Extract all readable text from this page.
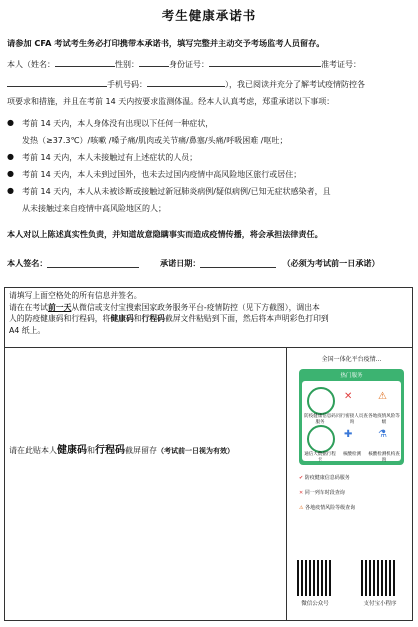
考生健康承诺书
请参加 CFA 考试考生务必打印携带本承诺书，填写完整并主动交予考场监考人员留存。
本人（姓名：	性别：	身份证号：	准考证号：
手机号码：	），我已阅读并充分了解考试疫情防控各
项要求和措施，并且在考前 14 天内按要求监测体温。经本人认真考虑，郑重承诺以下事项：
●	考前 14 天内，本人身体没有出现以下任何一种症状，
发热（≥37.3℃）/咳嗽 /嗓子痛/肌肉或关节痛/鼻塞/头痛/呼吸困难 /呕吐；
●	考前 14 天内，本人未接触过有上述症状的人员；
●	考前 14 天内，本人未到过国外，也未去过国内疫情中高风险地区旅行或居住；
●	考前 14 天内，本人从未被诊断或接触过新冠肺炎病例/疑似病例/已知无症状感染者，且
从未接触过来自疫情中高风险地区的人；
本人对以上陈述真实性负责，并知道故意隐瞒事实而造成疫情传播，将会承担法律责任。
本人签名：	承诺日期：	（必须为考试前一日承诺）
请填写上面空格处的所有信息并签名。
请在在考试前一天从微信或支付宝搜索国家政务服务平台-疫情防控（见下方截图），调出本
人的防疫健康码和行程码，将健康码和行程码截屏文件粘贴到下面，然后将本声明彩色打印到
A4 纸上。
请在此贴本人健康码和行程码截屏留存（考试前一日视为有效）
全国一体化平台疫情...
热门服务
防疫健康信息码服务
✕
同行密接人员查询
⚠
各地疫情风险等级
通信大数据行程卡
✚
核酸检测
⚗
核酸检测机构查询
✔ 防疫健康信息码服务
✕ 同一列车时段查询
⚠ 各地疫情风险等级查询
微信公众号	支付宝小程序
